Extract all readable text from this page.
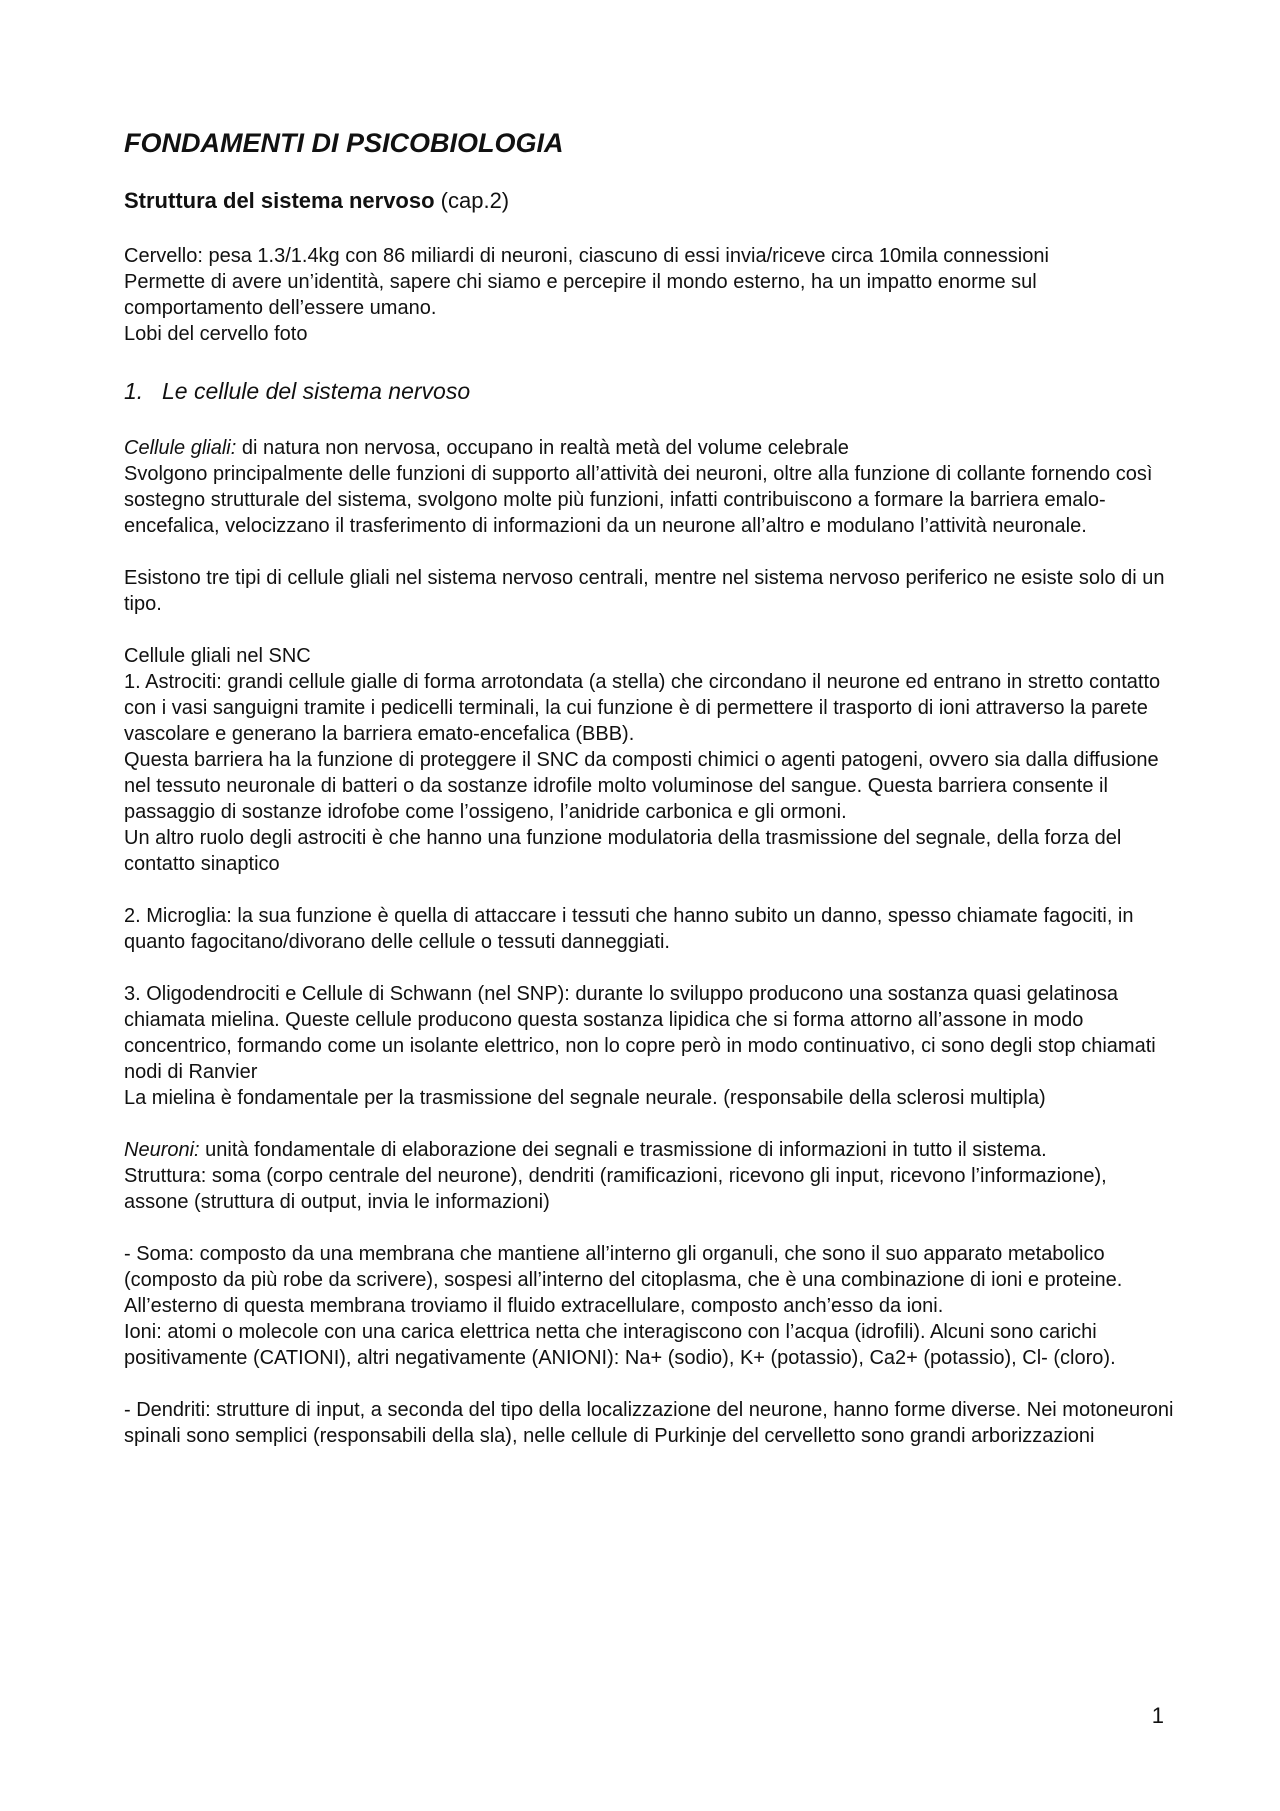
FONDAMENTI DI PSICOBIOLOGIA
Struttura del sistema nervoso (cap.2)

Cervello: pesa 1.3/1.4kg con 86 miliardi di neuroni, ciascuno di essi invia/riceve circa 10mila connessioni

Permette di avere un’identità, sapere chi siamo e percepire il mondo esterno, ha un impatto enorme sul comportamento dell’essere umano.

Lobi del cervello foto

1. Le cellule del sistema nervoso

Cellule gliali: di natura non nervosa, occupano in realtà metà del volume celebrale

Svolgono principalmente delle funzioni di supporto all’attività dei neuroni, oltre alla funzione di collante fornendo così sostegno strutturale del sistema, svolgono molte più funzioni, infatti contribuiscono a formare la barriera emalo-encefalica, velocizzano il trasferimento di informazioni da un neurone all’altro e modulano l’attività neuronale.

Esistono tre tipi di cellule gliali nel sistema nervoso centrali, mentre nel sistema nervoso periferico ne esiste solo di un tipo.

Cellule gliali nel SNC

1. Astrociti: grandi cellule gialle di forma arrotondata (a stella) che circondano il neurone ed entrano in stretto contatto con i vasi sanguigni tramite i pedicelli terminali, la cui funzione è di permettere il trasporto di ioni attraverso la parete vascolare e generano la barriera emato-encefalica (BBB).

Questa barriera ha la funzione di proteggere il SNC da composti chimici o agenti patogeni, ovvero sia dalla diffusione nel tessuto neuronale di batteri o da sostanze idrofile molto voluminose del sangue. Questa barriera consente il passaggio di sostanze idrofobe come l’ossigeno, l’anidride carbonica e gli ormoni.

Un altro ruolo degli astrociti è che hanno una funzione modulatoria della trasmissione del segnale, della forza del contatto sinaptico

2. Microglia: la sua funzione è quella di attaccare i tessuti che hanno subito un danno, spesso chiamate fagociti, in quanto fagocitano/divorano delle cellule o tessuti danneggiati.

3. Oligodendrociti e Cellule di Schwann (nel SNP): durante lo sviluppo producono una sostanza quasi gelatinosa chiamata mielina. Queste cellule producono questa sostanza lipidica che si forma attorno all’assone in modo concentrico, formando come un isolante elettrico, non lo copre però in modo continuativo, ci sono degli stop chiamati nodi di Ranvier

La mielina è fondamentale per la trasmissione del segnale neurale. (responsabile della sclerosi multipla)

Neuroni: unità fondamentale di elaborazione dei segnali e trasmissione di informazioni in tutto il sistema.

Struttura: soma (corpo centrale del neurone), dendriti (ramificazioni, ricevono gli input, ricevono l’informazione), assone (struttura di output, invia le informazioni)

- Soma: composto da una membrana che mantiene all’interno gli organuli, che sono il suo apparato metabolico (composto da più robe da scrivere), sospesi all’interno del citoplasma, che è una combinazione di ioni e proteine. All’esterno di questa membrana troviamo il fluido extracellulare, composto anch’esso da ioni.

Ioni: atomi o molecole con una carica elettrica netta che interagiscono con l’acqua (idrofili). Alcuni sono carichi positivamente (CATIONI), altri negativamente (ANIONI): Na+ (sodio), K+ (potassio), Ca2+ (potassio), Cl- (cloro).

- Dendriti: strutture di input, a seconda del tipo della localizzazione del neurone, hanno forme diverse. Nei motoneuroni spinali sono semplici (responsabili della sla), nelle cellule di Purkinje del cervelletto sono grandi arborizzazioni

1
